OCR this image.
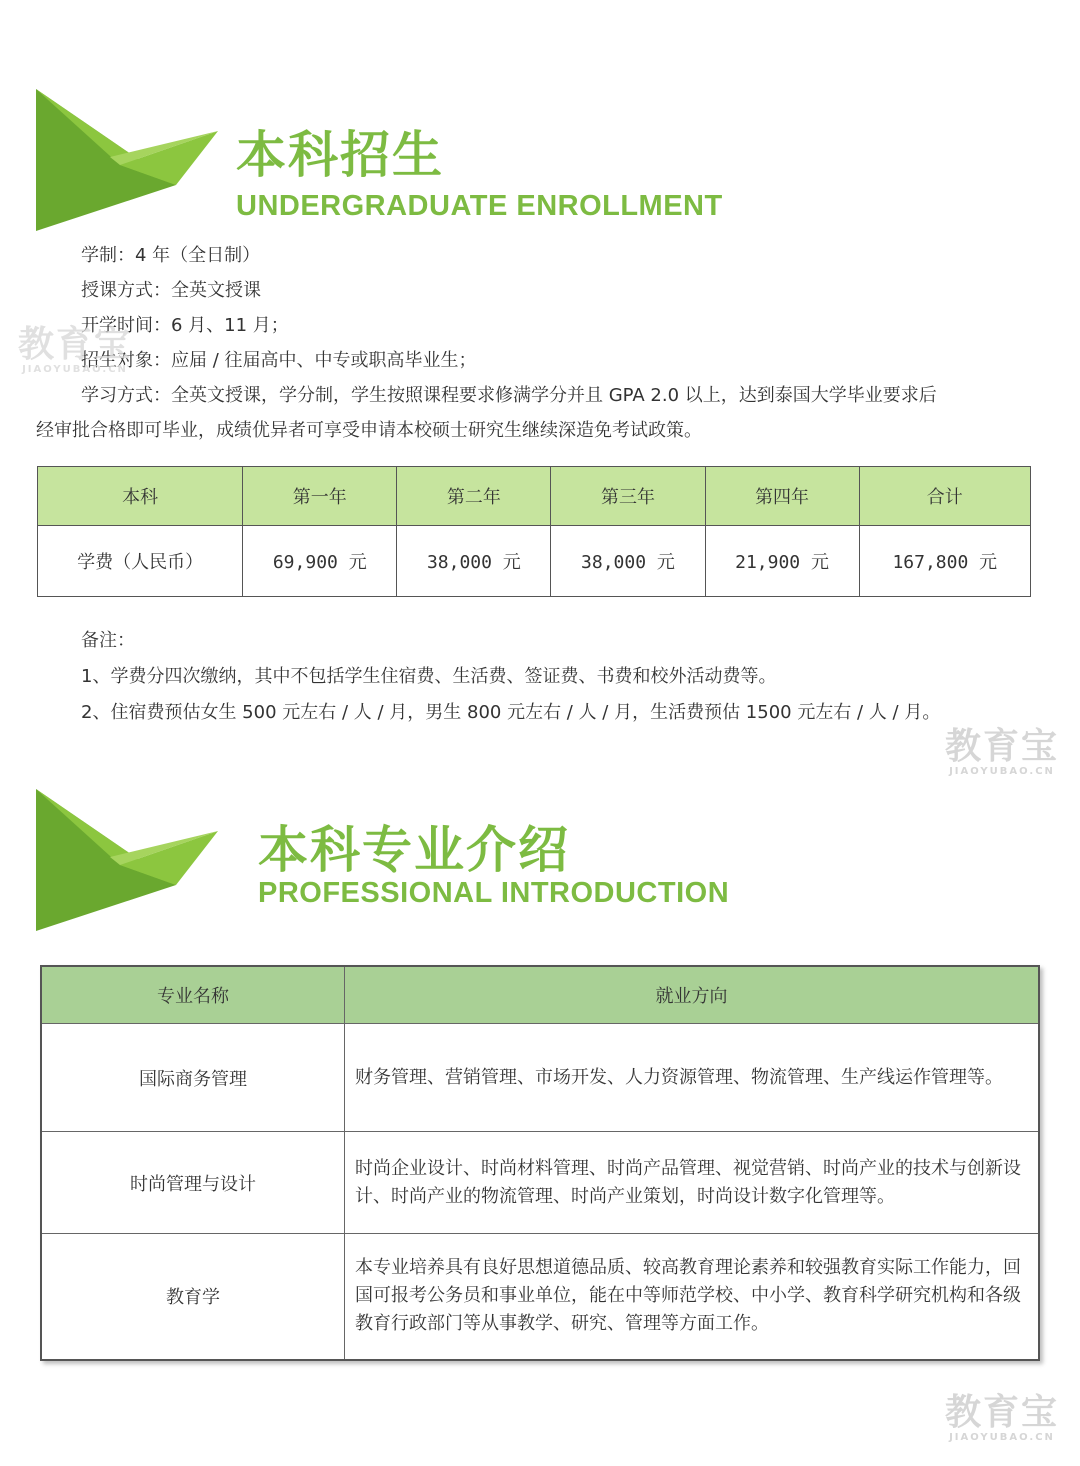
本科招生
UNDERGRADUATE ENROLLMENT

学制：4 年（全日制）

授课方式：全英文授课

开学时间：6 月、11 月；

招生对象：应届 / 往届高中、中专或职高毕业生；

学习方式：全英文授课，学分制，学生按照课程要求修满学分并且 GPA 2.0 以上，达到泰国大学毕业要求后

经审批合格即可毕业，成绩优异者可享受申请本校硕士研究生继续深造免考试政策。

本科	第一年	第二年	第三年	第四年	合计
学费（人民币）	69,900 元	38,000 元	38,000 元	21,900 元	167,800 元

备注：

1、学费分四次缴纳，其中不包括学生住宿费、生活费、签证费、书费和校外活动费等。

2、住宿费预估女生 500 元左右 / 人 / 月，男生 800 元左右 / 人 / 月，生活费预估 1500 元左右 / 人 / 月。

本科专业介绍
PROFESSIONAL INTRODUCTION
专业名称	就业方向
国际商务管理	财务管理、营销管理、市场开发、人力资源管理、物流管理、生产线运作管理等。
时尚管理与设计	时尚企业设计、时尚材料管理、时尚产品管理、视觉营销、时尚产业的技术与创新设计、时尚产业的物流管理、时尚产业策划，时尚设计数字化管理等。
教育学	本专业培养具有良好思想道德品质、较高教育理论素养和较强教育实际工作能力，回国可报考公务员和事业单位，能在中等师范学校、中小学、教育科学研究机构和各级教育行政部门等从事教学、研究、管理等方面工作。
教育宝
JIAOYUBAO.CN
教育宝
JIAOYUBAO.CN
教育宝
JIAOYUBAO.CN
